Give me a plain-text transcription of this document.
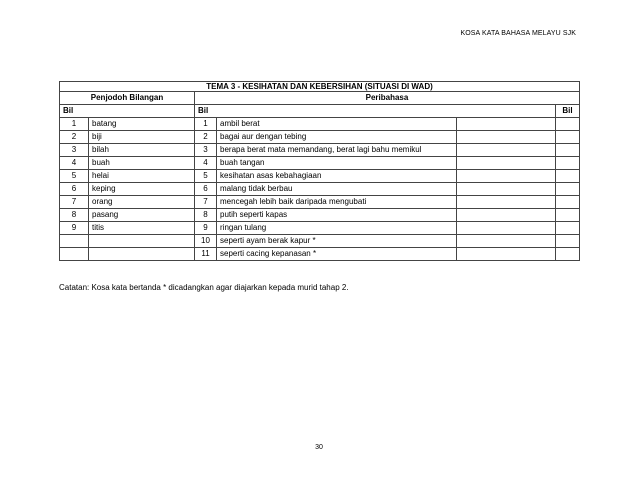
KOSA KATA BAHASA MELAYU SJK
TEMA 3 - KESIHATAN DAN KEBERSIHAN (SITUASI DI WAD)					
Penjodoh Bilangan		Peribahasa			
Bil		Bil			Bil
1	batang	1	ambil berat		
2	biji	2	bagai aur dengan tebing		
3	bilah	3	berapa berat mata memandang, berat lagi bahu memikul		
4	buah	4	buah tangan		
5	helai	5	kesihatan asas kebahagiaan		
6	keping	6	malang tidak berbau		
7	orang	7	mencegah lebih baik daripada mengubati		
8	pasang	8	putih seperti kapas		
9	titis	9	ringan tulang		
		10	seperti ayam berak kapur *		
		11	seperti cacing kepanasan *		
Catatan: Kosa kata bertanda * dicadangkan agar diajarkan kepada murid tahap 2.
30
